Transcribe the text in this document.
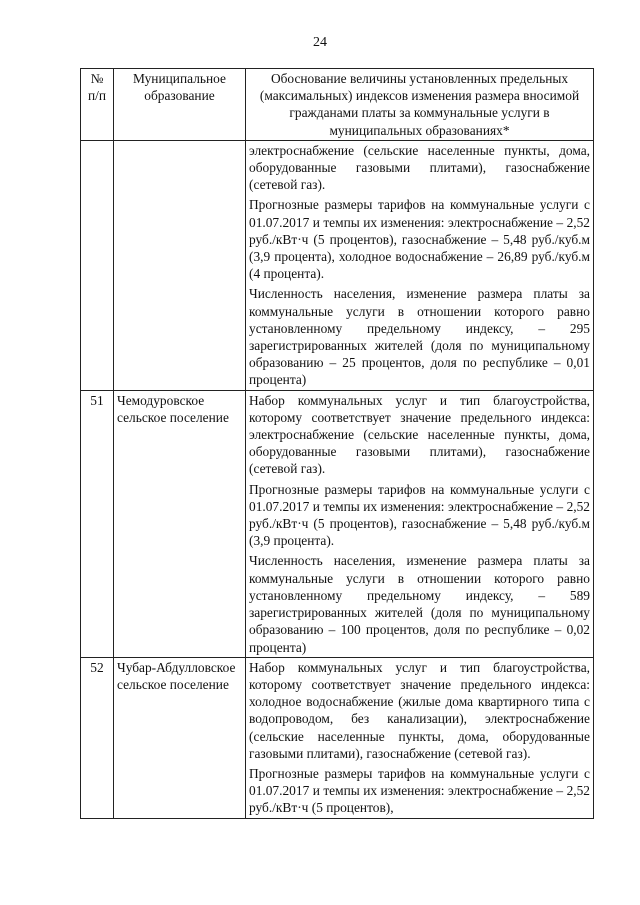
24
№ п/п	Муниципальное образование	Обоснование величины установленных предельных (максимальных) индексов изменения размера вносимой гражданами платы за коммунальные услуги в муниципальных образованиях*

		электроснабжение (сельские населенные пункты, дома, оборудованные газовыми плитами), газоснабжение (сетевой газ).

Прогнозные размеры тарифов на коммунальные услуги с 01.07.2017 и темпы их изменения: электроснабжение – 2,52 руб./кВт·ч (5 процентов), газоснабжение – 5,48 руб./куб.м (3,9 процента), холодное водоснабжение – 26,89 руб./куб.м (4 процента).

Численность населения, изменение размера платы за коммунальные услуги в отношении которого равно установленному предельному индексу, – 295 зарегистрированных жителей (доля по муниципальному образованию – 25 процентов, доля по республике – 0,01 процента)

51	Чемодуровское сельское поселение	Набор коммунальных услуг и тип благоустройства, которому соответствует значение предельного индекса: электроснабжение (сельские населенные пункты, дома, оборудованные газовыми плитами), газоснабжение (сетевой газ).

Прогнозные размеры тарифов на коммунальные услуги с 01.07.2017 и темпы их изменения: электроснабжение – 2,52 руб./кВт·ч (5 процентов), газоснабжение – 5,48 руб./куб.м (3,9 процента).

Численность населения, изменение размера платы за коммунальные услуги в отношении которого равно установленному предельному индексу, – 589 зарегистрированных жителей (доля по муниципальному образованию – 100 процентов, доля по республике – 0,02 процента)

52	Чубар-Абдулловское сельское поселение	Набор коммунальных услуг и тип благоустройства, которому соответствует значение предельного индекса: холодное водоснабжение (жилые дома квартирного типа с водопроводом, без канализации), электроснабжение (сельские населенные пункты, дома, оборудованные газовыми плитами), газоснабжение (сетевой газ).

Прогнозные размеры тарифов на коммунальные услуги с 01.07.2017 и темпы их изменения: электроснабжение – 2,52 руб./кВт·ч (5 процентов),
